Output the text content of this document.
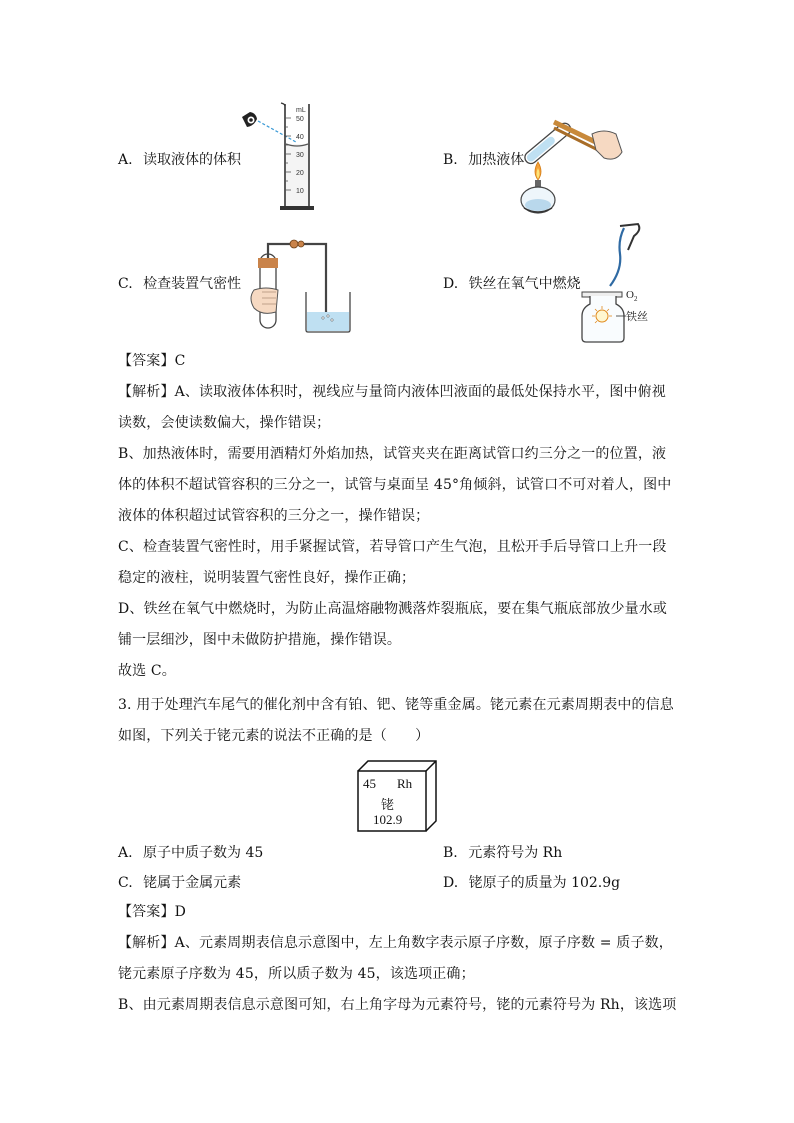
A. 读取液体的体积
mL
50
40
30
20
10
B. 加热液体
C. 检查装置气密性	D. 铁丝在氧气中燃烧
$O_2$
铁丝
【答案】C
【解析】A、读取液体体积时，视线应与量筒内液体凹液面的最低处保持水平，图中俯视
读数，会使读数偏大，操作错误；
B、加热液体时，需要用酒精灯外焰加热，试管夹夹在距离试管口约三分之一的位置，液
体的体积不超试管容积的三分之一，试管与桌面呈 45°角倾斜，试管口不可对着人，图中
液体的体积超过试管容积的三分之一，操作错误；
C、检查装置气密性时，用手紧握试管，若导管口产生气泡，且松开手后导管口上升一段
稳定的液柱，说明装置气密性良好，操作正确；
D、铁丝在氧气中燃烧时，为防止高温熔融物溅落炸裂瓶底，要在集气瓶底部放少量水或
铺一层细沙，图中未做防护措施，操作错误。
故选 C。
3. 用于处理汽车尾气的催化剂中含有铂、钯、铑等重金属。铑元素在元素周期表中的信息
如图，下列关于铑元素的说法不正确的是（　　）
45 Rh
铑
102.9
A. 原子中质子数为 45	B. 元素符号为 Rh
C. 铑属于金属元素	D. 铑原子的质量为 102.9g
【答案】D
【解析】A、元素周期表信息示意图中，左上角数字表示原子序数，原子序数 = 质子数，
铑元素原子序数为 45，所以质子数为 45，该选项正确；
B、由元素周期表信息示意图可知，右上角字母为元素符号，铑的元素符号为 Rh，该选项
